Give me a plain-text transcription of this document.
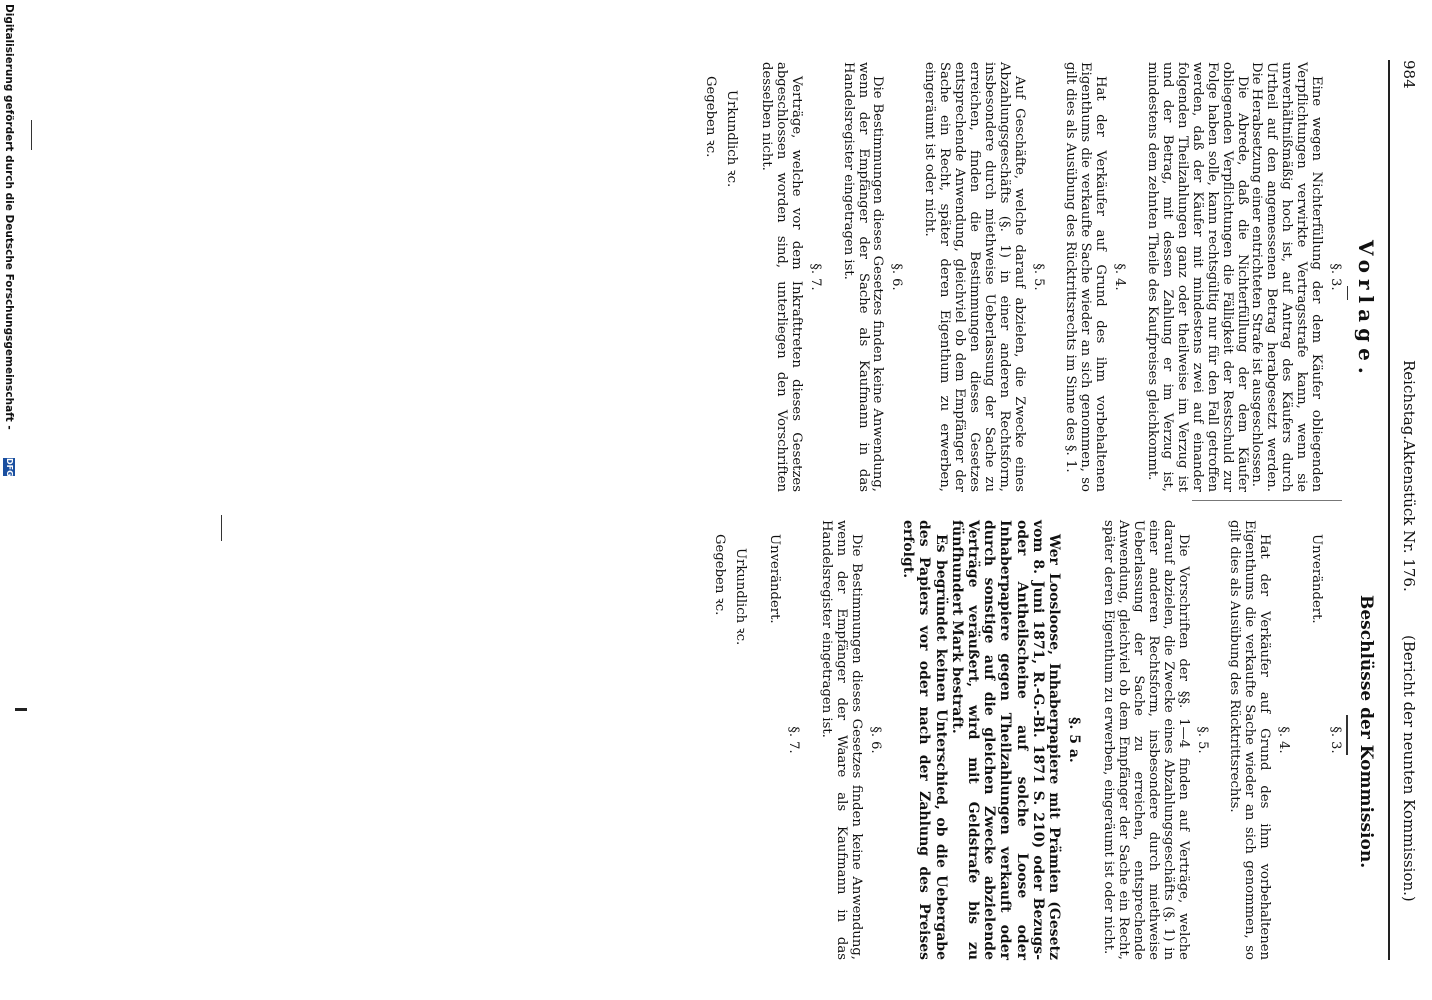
984
Reichstag.
Aktenstück Nr. 176.
(Bericht der neunten Kommission.)
Vorlage.
Beschlüsse der Kommission.
§. 3.

Eine wegen Nichterfüllung der dem Käufer obliegenden Verpflichtungen verwirkte Vertragsstrafe kann, wenn sie unverhältnißmäßig hoch ist, auf Antrag des Käufers durch Urtheil auf den angemessenen Betrag herabgesetzt werden. Die Herabsetzung einer entrichteten Strafe ist ausgeschlossen.

Die Abrede, daß die Nichterfüllung der dem Käufer obliegenden Verpflichtungen die Fälligkeit der Restschuld zur Folge haben solle, kann rechtsgültig nur für den Fall getroffen werden, daß der Käufer mit mindestens zwei auf einander folgenden Theilzahlungen ganz oder theilweise im Verzug ist und der Betrag, mit dessen Zahlung er im Verzug ist, mindestens dem zehnten Theile des Kaufpreises gleichkommt.

§. 4.

Hat der Verkäufer auf Grund des ihm vorbehaltenen Eigenthums die verkaufte Sache wieder an sich genommen, so gilt dies als Ausübung des Rücktrittsrechts im Sinne des §. 1.

§. 5.

Auf Geschäfte, welche darauf abzielen, die Zwecke eines Abzahlungsgeschäfts (§. 1) in einer anderen Rechtsform, insbesondere durch miethweise Ueberlassung der Sache zu erreichen, finden die Bestimmungen dieses Gesetzes entsprechende Anwendung, gleichviel ob dem Empfänger der Sache ein Recht, später deren Eigenthum zu erwerben, eingeräumt ist oder nicht.

§. 6.

Die Bestimmungen dieses Gesetzes finden keine Anwendung, wenn der Empfänger der Sache als Kaufmann in das Handelsregister eingetragen ist.

§. 7.

Verträge, welche vor dem Inkrafttreten dieses Gesetzes abgeschlossen worden sind, unterliegen den Vorschriften desselben nicht.

Urkundlich ꝛc.
Gegeben ꝛc.
§. 3.
Unverändert.
§. 4.

Hat der Verkäufer auf Grund des ihm vorbehaltenen Eigenthums die verkaufte Sache wieder an sich genommen, so gilt dies als Ausübung des Rücktrittsrechts.

§. 5.

Die Vorschriften der §§. 1—4 finden auf Verträge, welche darauf abzielen, die Zwecke eines Abzahlungsgeschäfts (§. 1) in einer anderen Rechtsform, insbesondere durch miethweise Ueberlassung der Sache zu erreichen, entsprechende Anwendung, gleichviel ob dem Empfänger der Sache ein Recht, später deren Eigenthum zu erwerben, eingeräumt ist oder nicht.

§. 5 a.

Wer Loosloose, Inhaberpapiere mit Prämien (Gesetz vom 8. Juni 1871, R.-G.-Bl. 1871 S. 210) oder Bezugs- oder Antheilscheine auf solche Loose oder Inhaberpapiere gegen Theilzahlungen verkauft oder durch sonstige auf die gleichen Zwecke abzielende Verträge veräußert, wird mit Geldstrafe bis zu fünfhundert Mark bestraft.

Es begründet keinen Unterschied, ob die Uebergabe des Papiers vor oder nach der Zahlung des Preises erfolgt.

§. 6.

Die Bestimmungen dieses Gesetzes finden keine Anwendung, wenn der Empfänger der Waare als Kaufmann in das Handelsregister eingetragen ist.

§. 7.
Unverändert.
Urkundlich ꝛc.
Gegeben ꝛc.
Digitalisierung gefördert durch die Deutsche Forschungsgemeinschaft -
DFG
